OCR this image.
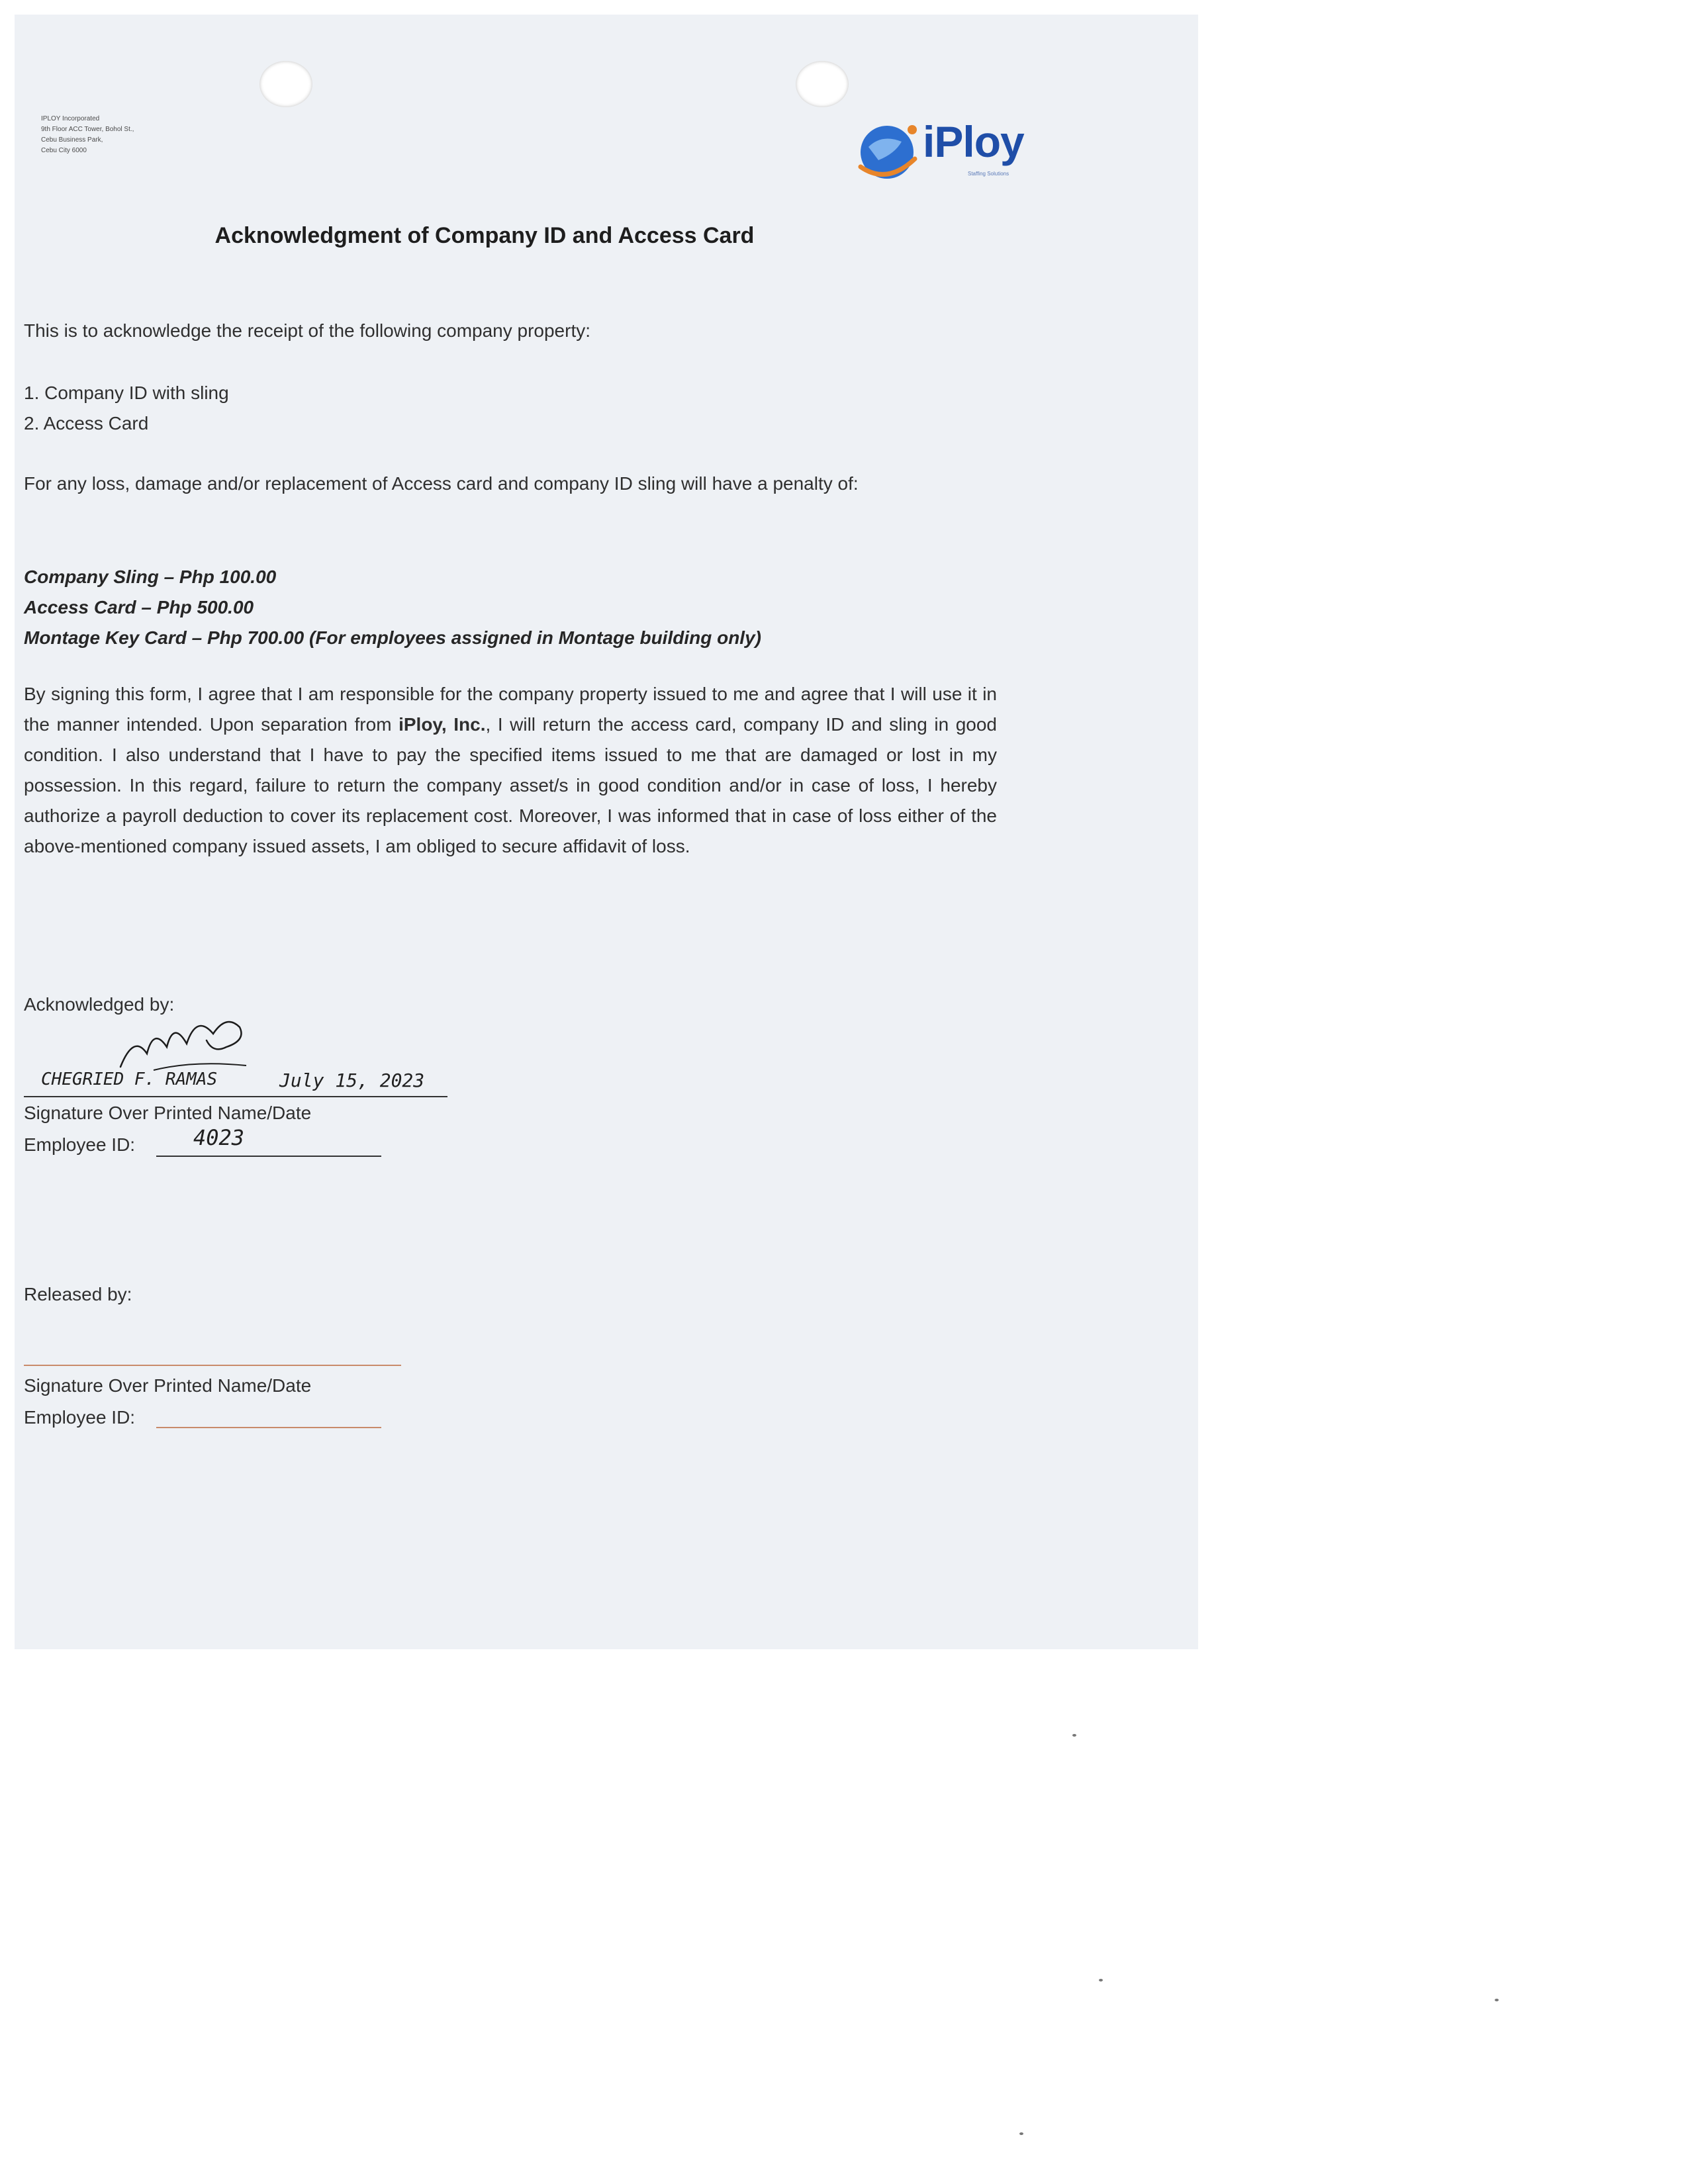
IPLOY Incorporated
9th Floor ACC Tower, Bohol St.,
Cebu Business Park,
Cebu City 6000	iPloy
Staffing Solutions
Acknowledgment of Company ID and Access Card
This is to acknowledge the receipt of the following company property:
1. Company ID with sling
2. Access Card
For any loss, damage and/or replacement of Access card and company ID sling will have a penalty of:
Company Sling – Php 100.00
Access Card – Php 500.00
Montage Key Card – Php 700.00 (For employees assigned in Montage building only)
By signing this form, I agree that I am responsible for the company property issued to me and agree that I will use it in the manner intended. Upon separation from iPloy, Inc., I will return the access card, company ID and sling in good condition. I also understand that I have to pay the specified items issued to me that are damaged or lost in my possession. In this regard, failure to return the company asset/s in good condition and/or in case of loss, I hereby authorize a payroll deduction to cover its replacement cost. Moreover, I was informed that in case of loss either of the above-mentioned company issued assets, I am obliged to secure affidavit of loss.
Acknowledged by:
CHEGRIED F. RAMAS	July 15, 2023
Signature Over Printed Name/Date
Employee ID:	4023
Released by:
Signature Over Printed Name/Date
Employee ID:
